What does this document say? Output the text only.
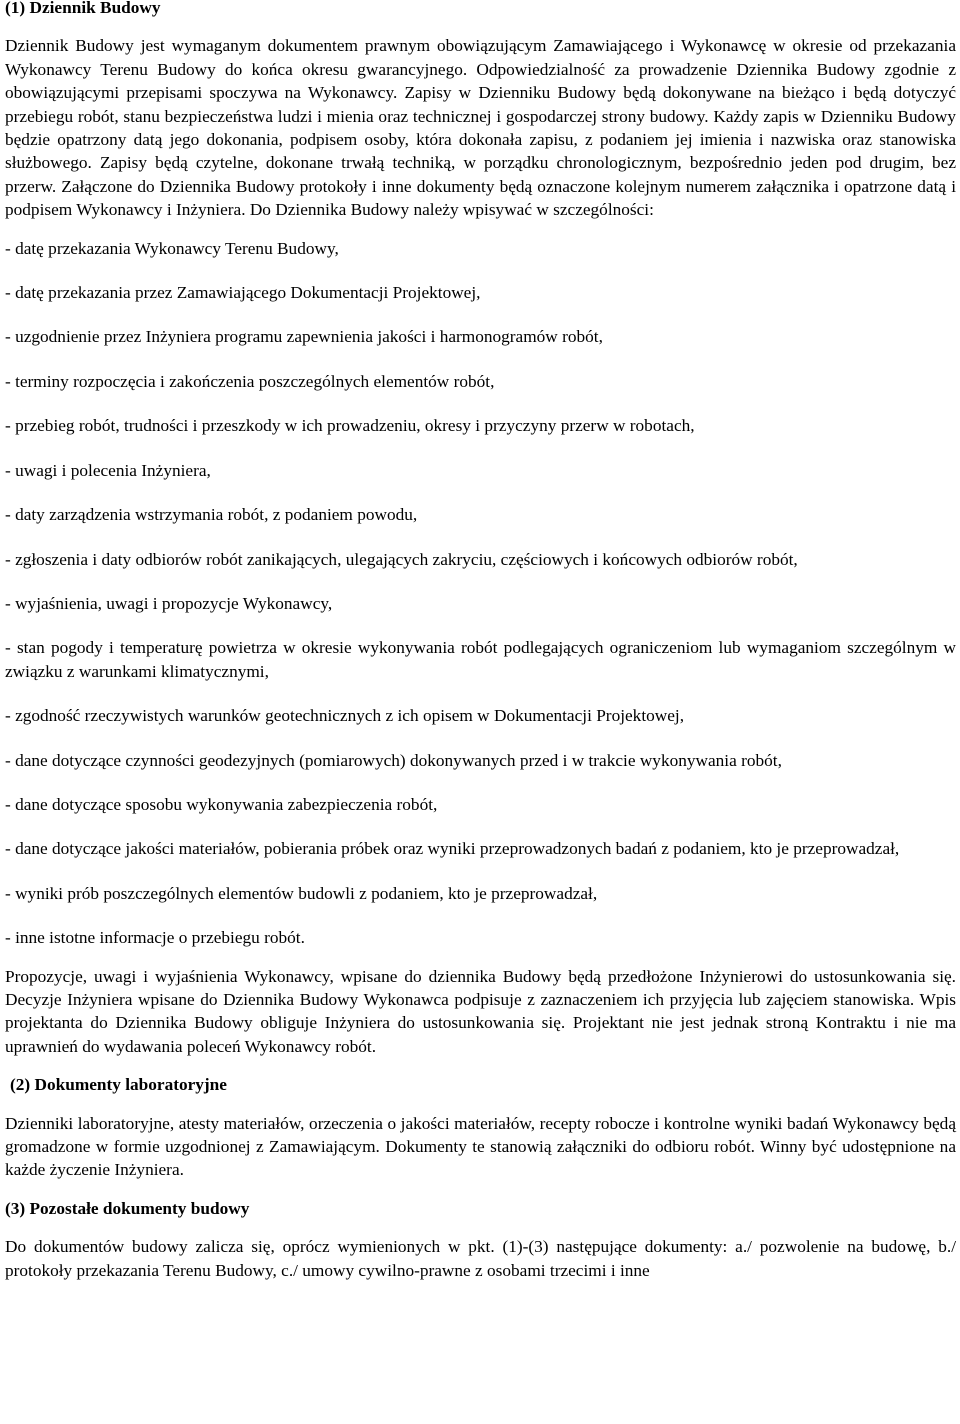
(1) Dziennik Budowy

Dziennik Budowy jest wymaganym dokumentem prawnym obowiązującym Zamawiającego i Wykonawcę w okresie od przekazania Wykonawcy Terenu Budowy do końca okresu gwarancyjnego. Odpowiedzialność za prowadzenie Dziennika Budowy zgodnie z obowiązującymi przepisami spoczywa na Wykonawcy. Zapisy w Dzienniku Budowy będą dokonywane na bieżąco i będą dotyczyć przebiegu robót, stanu bezpieczeństwa ludzi i mienia oraz technicznej i gospodarczej strony budowy. Każdy zapis w Dzienniku Budowy będzie opatrzony datą jego dokonania, podpisem osoby, która dokonała zapisu, z podaniem jej imienia i nazwiska oraz stanowiska służbowego. Zapisy będą czytelne, dokonane trwałą techniką, w porządku chronologicznym, bezpośrednio jeden pod drugim, bez przerw. Załączone do Dziennika Budowy protokoły i inne dokumenty będą oznaczone kolejnym numerem załącznika i opatrzone datą i podpisem Wykonawcy i Inżyniera. Do Dziennika Budowy należy wpisywać w szczególności:

- datę przekazania Wykonawcy Terenu Budowy,
- datę przekazania przez Zamawiającego Dokumentacji Projektowej,
- uzgodnienie przez Inżyniera programu zapewnienia jakości i harmonogramów robót,
- terminy rozpoczęcia i zakończenia poszczególnych elementów robót,
- przebieg robót, trudności i przeszkody w ich prowadzeniu, okresy i przyczyny przerw w robotach,
- uwagi i polecenia Inżyniera,
- daty zarządzenia wstrzymania robót, z podaniem powodu,
- zgłoszenia i daty odbiorów robót zanikających, ulegających zakryciu, częściowych i końcowych odbiorów robót,
- wyjaśnienia, uwagi i propozycje Wykonawcy,
- stan pogody i temperaturę powietrza w okresie wykonywania robót podlegających ograniczeniom lub wymaganiom szczególnym w związku z warunkami klimatycznymi,
- zgodność rzeczywistych warunków geotechnicznych z ich opisem w Dokumentacji Projektowej,
- dane dotyczące czynności geodezyjnych (pomiarowych) dokonywanych przed i w trakcie wykonywania robót,
- dane dotyczące sposobu wykonywania zabezpieczenia robót,
- dane dotyczące jakości materiałów, pobierania próbek oraz wyniki przeprowadzonych badań z podaniem, kto je przeprowadzał,
- wyniki prób poszczególnych elementów budowli z podaniem, kto je przeprowadzał,
- inne istotne informacje o przebiegu robót.

Propozycje, uwagi i wyjaśnienia Wykonawcy, wpisane do dziennika Budowy będą przedłożone Inżynierowi do ustosunkowania się. Decyzje Inżyniera wpisane do Dziennika Budowy Wykonawca podpisuje z zaznaczeniem ich przyjęcia lub zajęciem stanowiska. Wpis projektanta do Dziennika Budowy obliguje Inżyniera do ustosunkowania się. Projektant nie jest jednak stroną Kontraktu i nie ma uprawnień do wydawania poleceń Wykonawcy robót.

(2) Dokumenty laboratoryjne

Dzienniki laboratoryjne, atesty materiałów, orzeczenia o jakości materiałów, recepty robocze i kontrolne wyniki badań Wykonawcy będą gromadzone w formie uzgodnionej z Zamawiającym. Dokumenty te stanowią załączniki do odbioru robót. Winny być udostępnione na każde życzenie Inżyniera.

(3) Pozostałe dokumenty budowy

Do dokumentów budowy zalicza się, oprócz wymienionych w pkt. (1)-(3) następujące dokumenty: a./ pozwolenie na budowę, b./ protokoły przekazania Terenu Budowy, c./ umowy cywilno-prawne z osobami trzecimi i inne
